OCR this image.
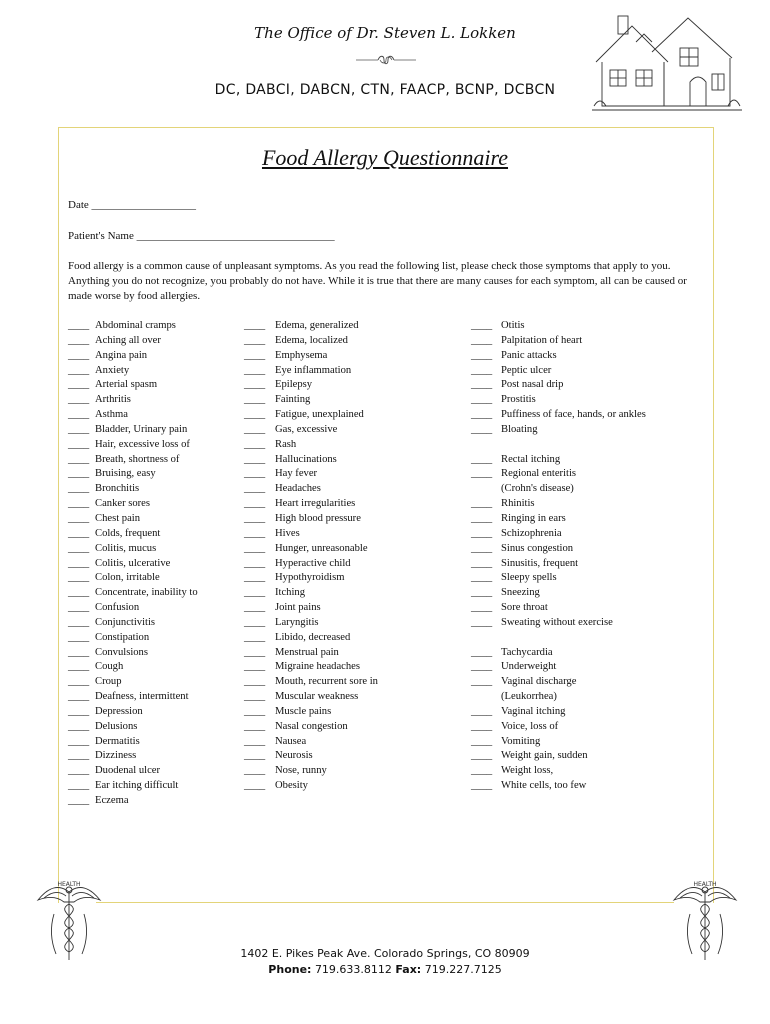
The Office of Dr. Steven L. Lokken
DC, DABCI, DABCN, CTN, FAACP, BCNP, DCBCN
Food Allergy Questionnaire
Date ___________________
Patient's Name ____________________________________
Food allergy is a common cause of unpleasant symptoms. As you read the following list, please check those symptoms that apply to you. Anything you do not recognize, you probably do not have. While it is true that there are many causes for each symptom, all can be caused or made worse by food allergies.
____ Abdominal cramps
____ Aching all over
____ Angina pain
____ Anxiety
____ Arterial spasm
____ Arthritis
____ Asthma
____ Bladder, Urinary pain
____ Hair, excessive loss of
____ Breath, shortness of
____ Bruising, easy
____ Bronchitis
____ Canker sores
____ Chest pain
____ Colds, frequent
____ Colitis, mucus
____ Colitis, ulcerative
____ Colon, irritable
____ Concentrate, inability to
____ Confusion
____ Conjunctivitis
____ Constipation
____ Convulsions
____ Cough
____ Croup
____ Deafness, intermittent
____ Depression
____ Delusions
____ Dermatitis
____ Dizziness
____ Duodenal ulcer
____ Ear itching difficult
____ Eczema
____ Edema, generalized
____ Edema, localized
____ Emphysema
____ Eye inflammation
____ Epilepsy
____ Fainting
____ Fatigue, unexplained
____ Gas, excessive
____ Rash
____ Hallucinations
____ Hay fever
____ Headaches
____ Heart irregularities
____ High blood pressure
____ Hives
____ Hunger, unreasonable
____ Hyperactive child
____ Hypothyroidism
____ Itching
____ Joint pains
____ Laryngitis
____ Libido, decreased
____ Menstrual pain
____ Migraine headaches
____ Mouth, recurrent sore in
____ Muscular weakness
____ Muscle pains
____ Nasal congestion
____ Nausea
____ Neurosis
____ Nose, runny
____ Obesity
____ Otitis
____ Palpitation of heart
____ Panic attacks
____ Peptic ulcer
____ Post nasal drip
____ Prostitis
____ Puffiness of face, hands, or ankles
____ Bloating
____ Rectal itching
____ Regional enteritis
(Crohn's disease)
____ Rhinitis
____ Ringing in ears
____ Schizophrenia
____ Sinus congestion
____ Sinusitis, frequent
____ Sleepy spells
____ Sneezing
____ Sore throat
____ Sweating without exercise
____ Tachycardia
____ Underweight
____ Vaginal discharge
(Leukorrhea)
____ Vaginal itching
____ Voice, loss of
____ Vomiting
____ Weight gain, sudden
____ Weight loss,
____ White cells, too few
HEALTH	HEALTH
1402 E. Pikes Peak Ave. Colorado Springs, CO 80909
Phone: 719.633.8112 Fax: 719.227.7125
